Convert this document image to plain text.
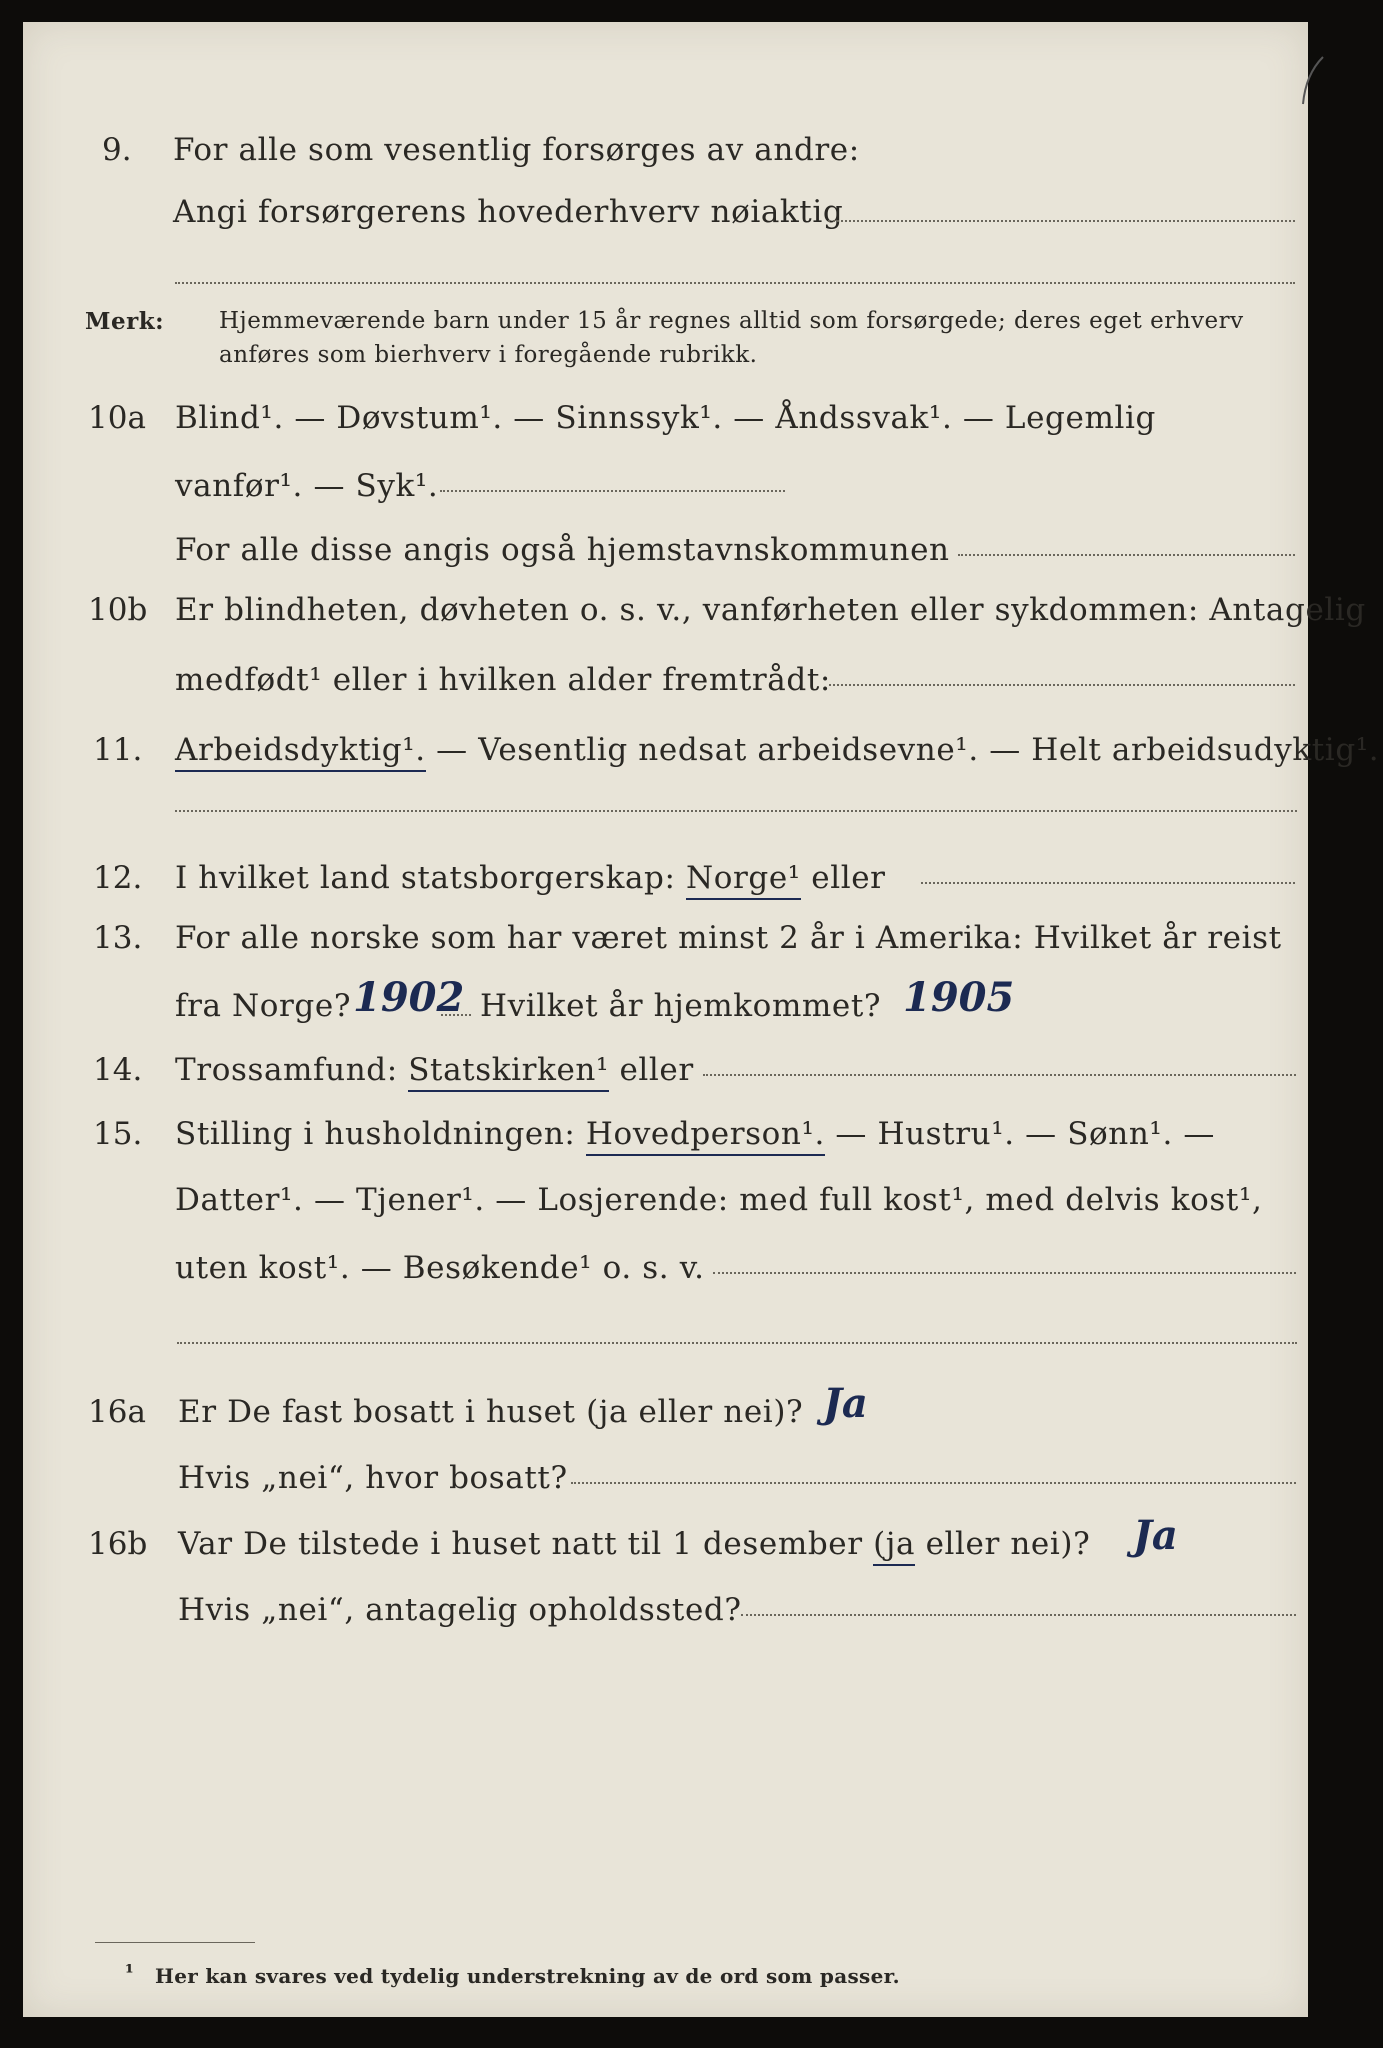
9. For alle som vesentlig forsørges av andre:
Angi forsørgerens hovederhverv nøiaktig
Merk: Hjemmeværende barn under 15 år regnes alltid som forsørgede; deres eget erhverv
anføres som bierhverv i foregående rubrikk.
10a Blind¹. — Døvstum¹. — Sinnssyk¹. — Åndssvak¹. — Legemlig
vanfør¹. — Syk¹.
For alle disse angis også hjemstavnskommunen
10b Er blindheten, døvheten o. s. v., vanførheten eller sykdommen: Antagelig
medfødt¹ eller i hvilken alder fremtrådt:
11. Arbeidsdyktig¹. — Vesentlig nedsat arbeidsevne¹. — Helt arbeidsudyktig¹.
12. I hvilket land statsborgerskap: Norge¹ eller
13. For alle norske som har været minst 2 år i Amerika: Hvilket år reist
fra Norge? 1902 Hvilket år hjemkommet? 1905
14. Trossamfund: Statskirken¹ eller
15. Stilling i husholdningen: Hovedperson¹. — Hustru¹. — Sønn¹. —
Datter¹. — Tjener¹. — Losjerende: med full kost¹, med delvis kost¹,
uten kost¹. — Besøkende¹ o. s. v.
16a Er De fast bosatt i huset (ja eller nei)? Ja
Hvis „nei“, hvor bosatt?
16b Var De tilstede i huset natt til 1 desember (ja eller nei)? Ja
Hvis „nei“, antagelig opholdssted?
¹ Her kan svares ved tydelig understrekning av de ord som passer.
